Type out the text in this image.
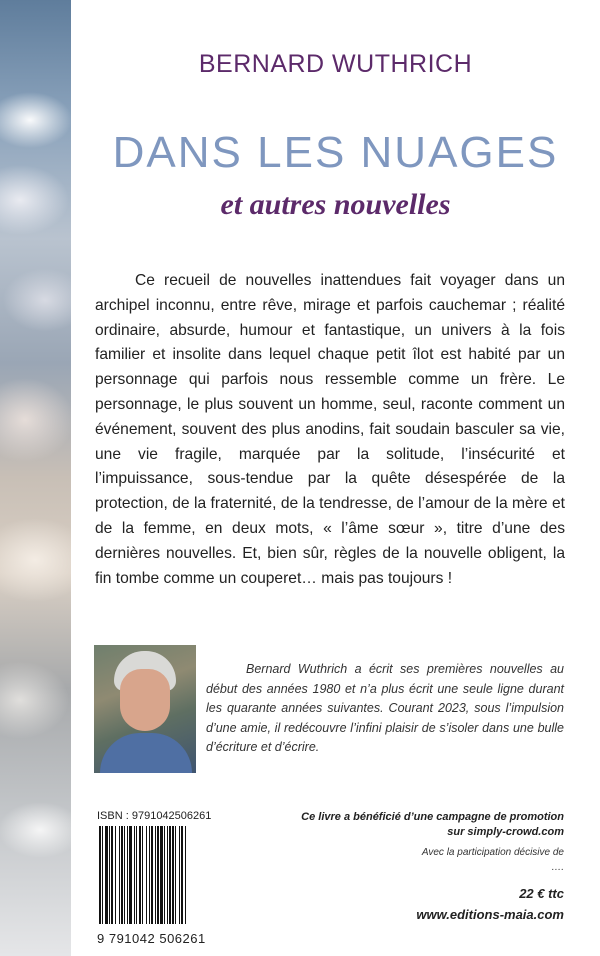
BERNARD WUTHRICH
DANS LES NUAGES
et autres nouvelles

Ce recueil de nouvelles inattendues fait voyager dans un archipel inconnu, entre rêve, mirage et parfois cauchemar ; réalité ordinaire, absurde, humour et fantastique, un univers à la fois familier et insolite dans lequel chaque petit îlot est habité par un personnage qui parfois nous ressemble comme un frère. Le personnage, le plus souvent un homme, seul, raconte comment un événement, souvent des plus anodins, fait soudain basculer sa vie, une vie fragile, marquée par la solitude, l’insécurité et l’impuissance, sous-tendue par la quête désespérée de la protection, de la fraternité, de la tendresse, de l’amour de la mère et de la femme, en deux mots, « l’âme sœur », titre d’une des dernières nouvelles. Et, bien sûr, règles de la nouvelle obligent, la fin tombe comme un couperet… mais pas toujours !

Bernard Wuthrich a écrit ses premières nouvelles au début des années 1980 et n’a plus écrit une seule ligne durant les quarante années suivantes. Courant 2023, sous l’impulsion d’une amie, il redécouvre l’infini plaisir de s’isoler dans une bulle d’écriture et d’écrire.

ISBN : 9791042506261
9 791042 506261
Ce livre a bénéficié d’une campagne de promotion
sur simply-crowd.com
Avec la participation décisive de
….
22 € ttc
www.editions-maia.com
